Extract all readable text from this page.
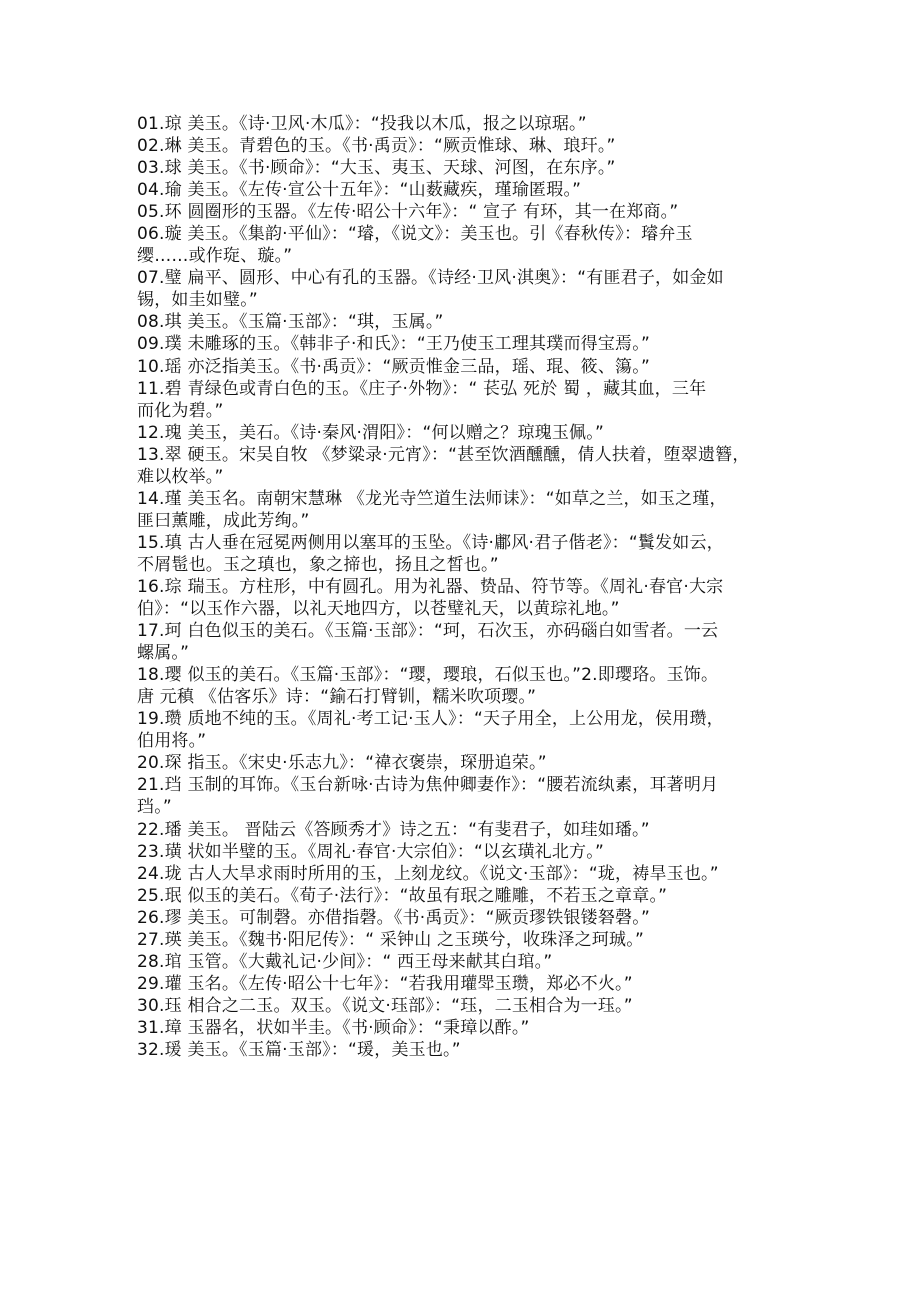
01.琼 美玉。《诗·卫风·木瓜》：“投我以木瓜，报之以琼琚。”
02.琳 美玉。青碧色的玉。《书·禹贡》：“厥贡惟球、琳、琅玕。”
03.球 美玉。《书·顾命》：“大玉、夷玉、天球、河图，在东序。”
04.瑜 美玉。《左传·宣公十五年》：“山薮藏疾，瑾瑜匿瑕。”
05.环 圆圈形的玉器。《左传·昭公十六年》：“ 宣子 有环，其一在郑商。”
06.璇 美玉。《集韵·平仙》：“璿，《说文》：美玉也。引《春秋传》：璿弁玉
缨……或作琁、璇。”
07.璧 扁平、圆形、中心有孔的玉器。《诗经·卫风·淇奥》：“有匪君子，如金如
锡，如圭如璧。”
08.琪 美玉。《玉篇·玉部》：“琪，玉属。”
09.璞 未雕琢的玉。《韩非子·和氏》：“王乃使玉工理其璞而得宝焉。”
10.瑶 亦泛指美玉。《书·禹贡》：“厥贡惟金三品，瑶、琨、筱、簜。”
11.碧 青绿色或青白色的玉。《庄子·外物》：“ 苌弘 死於 蜀 ，藏其血，三年
而化为碧。”
12.瑰 美玉，美石。《诗·秦风·渭阳》：“何以赠之？琼瑰玉佩。”
13.翠 硬玉。宋吴自牧 《梦粱录·元宵》：“甚至饮酒醺醺，倩人扶着，堕翠遗簪，
难以枚举。”
14.瑾 美玉名。南朝宋慧琳 《龙光寺竺道生法师诔》：“如草之兰，如玉之瑾，
匪曰薰雕，成此芳绚。”
15.瑱 古人垂在冠冕两侧用以塞耳的玉坠。《诗·鄘风·君子偕老》：“鬒发如云，
不屑髢也。玉之瑱也，象之揥也，扬且之皙也。”
16.琮 瑞玉。方柱形，中有圆孔。用为礼器、贽品、符节等。《周礼·春官·大宗
伯》：“以玉作六器，以礼天地四方，以苍璧礼天，以黄琮礼地。”
17.珂 白色似玉的美石。《玉篇·玉部》：“珂，石次玉，亦码碯白如雪者。一云
螺属。”
18.璎 似玉的美石。《玉篇·玉部》：“璎，璎琅，石似玉也。”2.即璎珞。玉饰。
唐 元稹 《估客乐》诗：“鍮石打臂钏，糯米吹项璎。”
19.瓒 质地不纯的玉。《周礼·考工记·玉人》：“天子用全，上公用龙，侯用瓒，
伯用将。”
20.琛 指玉。《宋史·乐志九》：“禕衣褒崇，琛册追荣。”
21.珰 玉制的耳饰。《玉台新咏·古诗为焦仲卿妻作》：“腰若流纨素，耳著明月
珰。”
22.璠 美玉。 晋陆云《答顾秀才》诗之五：“有斐君子，如珪如璠。”
23.璜 状如半璧的玉。《周礼·春官·大宗伯》：“以玄璜礼北方。”
24.珑 古人大旱求雨时所用的玉，上刻龙纹。《说文·玉部》：“珑，祷旱玉也。”
25.珉 似玉的美石。《荀子·法行》：“故虽有珉之雕雕，不若玉之章章。”
26.璆 美玉。可制磬。亦借指磬。《书·禹贡》：“厥贡璆铁银镂砮磬。”
27.瑛 美玉。《魏书·阳尼传》：“ 采钟山 之玉瑛兮，收珠泽之珂珹。”
28.琯 玉管。《大戴礼记·少间》：“ 西王母来献其白琯。”
29.瓘 玉名。《左传·昭公十七年》：“若我用瓘斝玉瓒，郑必不火。”
30.珏 相合之二玉。双玉。《说文·珏部》：“珏，二玉相合为一珏。”
31.璋 玉器名，状如半圭。《书·顾命》：“秉璋以酢。”
32.瑗 美玉。《玉篇·玉部》：“瑗，美玉也。”
